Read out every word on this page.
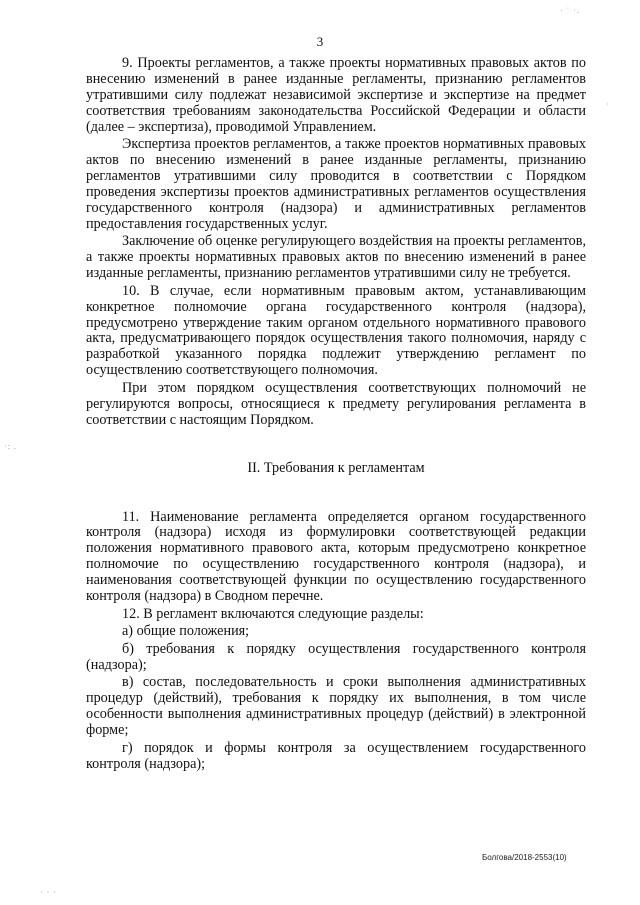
3
· ˙ ·.
·
·: .
· · ·

9. Проекты регламентов, а также проекты нормативных правовых актов по внесению изменений в ранее изданные регламенты, признанию регламентов утратившими силу подлежат независимой экспертизе и экспертизе на предмет соответствия требованиям законодательства Российской Федерации и области (далее – экспертиза), проводимой Управлением.

Экспертиза проектов регламентов, а также проектов нормативных правовых актов по внесению изменений в ранее изданные регламенты, признанию регламентов утратившими силу проводится в соответствии с Порядком проведения экспертизы проектов административных регламентов осуществления государственного контроля (надзора) и административных регламентов предоставления государственных услуг.

Заключение об оценке регулирующего воздействия на проекты регламентов, а также проекты нормативных правовых актов по внесению изменений в ранее изданные регламенты, признанию регламентов утратившими силу не требуется.

10. В случае, если нормативным правовым актом, устанавливающим конкретное полномочие органа государственного контроля (надзора), предусмотрено утверждение таким органом отдельного нормативного правового акта, предусматривающего порядок осуществления такого полномочия, наряду с разработкой указанного порядка подлежит утверждению регламент по осуществлению соответствующего полномочия.

При этом порядком осуществления соответствующих полномочий не регулируются вопросы, относящиеся к предмету регулирования регламента в соответствии с настоящим Порядком.

II. Требования к регламентам

11. Наименование регламента определяется органом государственного контроля (надзора) исходя из формулировки соответствующей редакции положения нормативного правового акта, которым предусмотрено конкретное полномочие по осуществлению государственного контроля (надзора), и наименования соответствующей функции по осуществлению государственного контроля (надзора) в Сводном перечне.

12. В регламент включаются следующие разделы:

а) общие положения;

б) требования к порядку осуществления государственного контроля (надзора);

в) состав, последовательность и сроки выполнения административных процедур (действий), требования к порядку их выполнения, в том числе особенности выполнения административных процедур (действий) в электронной форме;

г) порядок и формы контроля за осуществлением государственного контроля (надзора);

Болгова/2018-2553(10)
